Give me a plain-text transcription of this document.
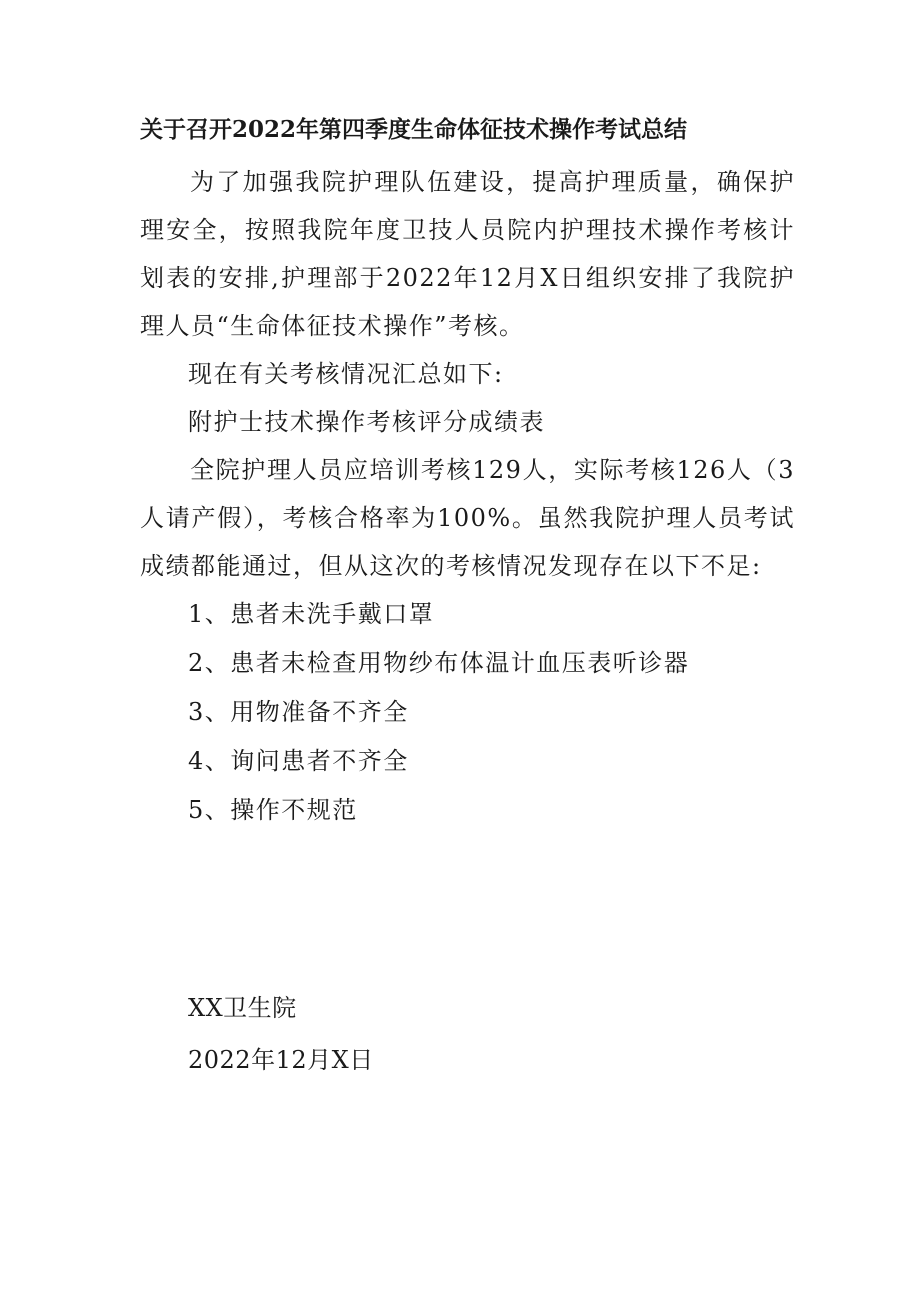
关于召开2022年第四季度生命体征技术操作考试总结
为了加强我院护理队伍建设，提高护理质量，确保护理安全，按照我院年度卫技人员院内护理技术操作考核计划表的安排,护理部于2022年12月X日组织安排了我院护理人员“生命体征技术操作”考核。
现在有关考核情况汇总如下:
附护士技术操作考核评分成绩表
全院护理人员应培训考核129人，实际考核126人（3人请产假），考核合格率为100%。虽然我院护理人员考试成绩都能通过，但从这次的考核情况发现存在以下不足:
1、患者未洗手戴口罩
2、患者未检查用物纱布体温计血压表听诊器
3、用物准备不齐全
4、询问患者不齐全
5、操作不规范
XX卫生院
2022年12月X日
